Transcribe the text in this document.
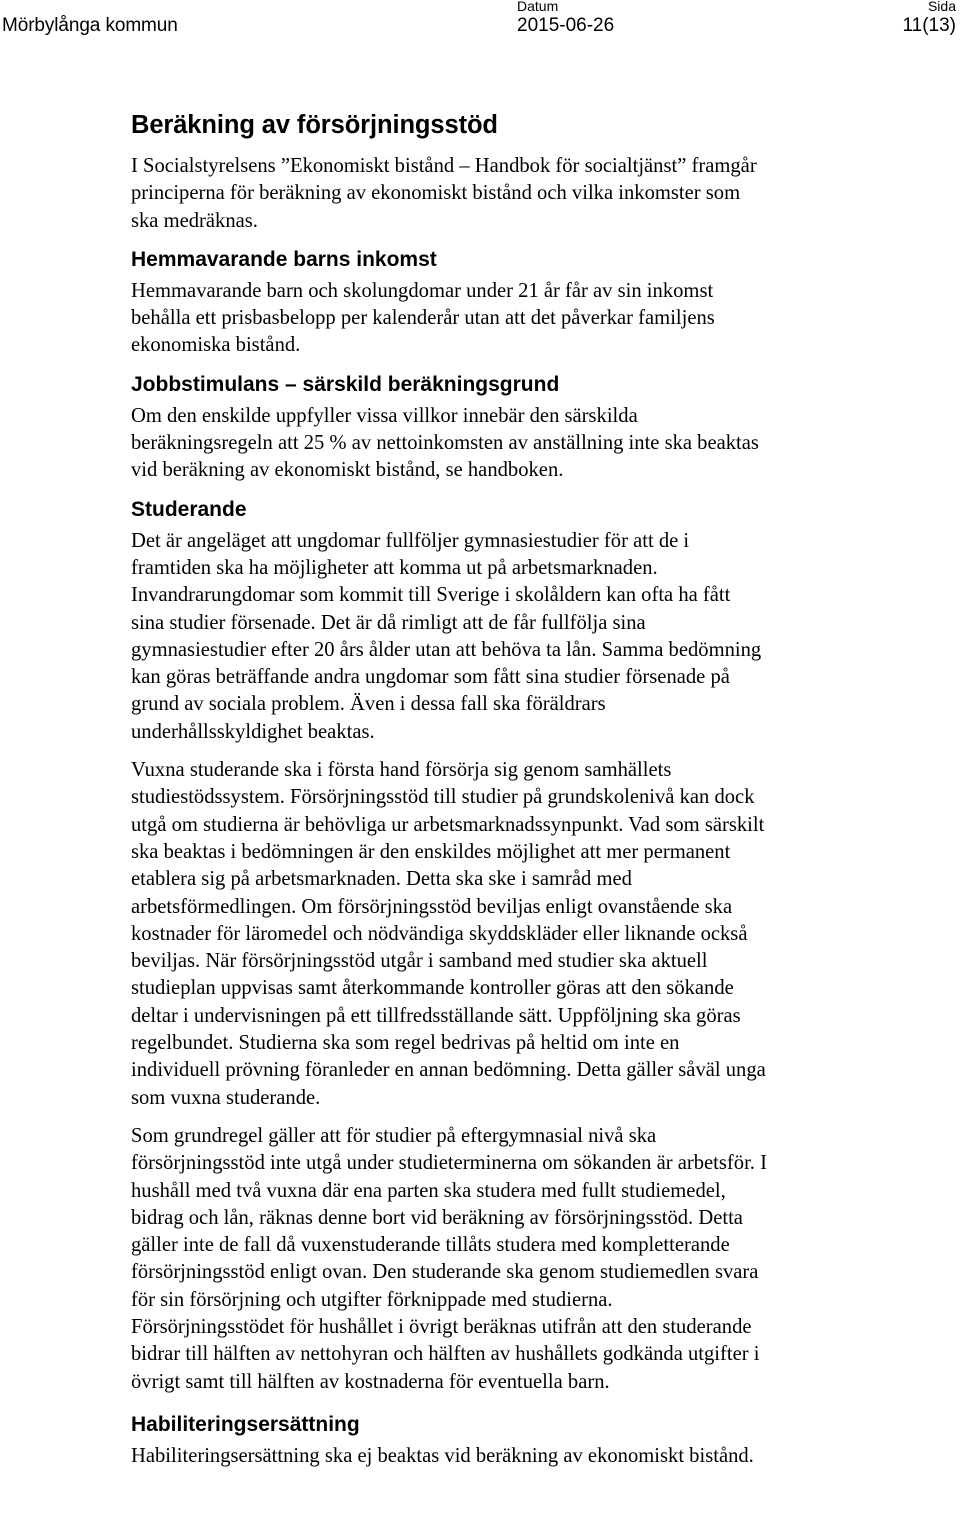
Mörbylånga kommun
Datum
2015-06-26
Sida
11(13)
Beräkning av försörjningsstöd

I Socialstyrelsens ”Ekonomiskt bistånd – Handbok för socialtjänst” framgår
principerna för beräkning av ekonomiskt bistånd och vilka inkomster som
ska medräknas.

Hemmavarande barns inkomst

Hemmavarande barn och skolungdomar under 21 år får av sin inkomst
behålla ett prisbasbelopp per kalenderår utan att det påverkar familjens
ekonomiska bistånd.

Jobbstimulans – särskild beräkningsgrund

Om den enskilde uppfyller vissa villkor innebär den särskilda
beräkningsregeln att 25 % av nettoinkomsten av anställning inte ska beaktas
vid beräkning av ekonomiskt bistånd, se handboken.

Studerande

Det är angeläget att ungdomar fullföljer gymnasiestudier för att de i
framtiden ska ha möjligheter att komma ut på arbetsmarknaden.
Invandrarungdomar som kommit till Sverige i skolåldern kan ofta ha fått
sina studier försenade. Det är då rimligt att de får fullfölja sina
gymnasiestudier efter 20 års ålder utan att behöva ta lån. Samma bedömning
kan göras beträffande andra ungdomar som fått sina studier försenade på
grund av sociala problem. Även i dessa fall ska föräldrars
underhållsskyldighet beaktas.

Vuxna studerande ska i första hand försörja sig genom samhällets
studiestödssystem. Försörjningsstöd till studier på grundskolenivå kan dock
utgå om studierna är behövliga ur arbetsmarknadssynpunkt. Vad som särskilt
ska beaktas i bedömningen är den enskildes möjlighet att mer permanent
etablera sig på arbetsmarknaden. Detta ska ske i samråd med
arbetsförmedlingen. Om försörjningsstöd beviljas enligt ovanstående ska
kostnader för läromedel och nödvändiga skyddskläder eller liknande också
beviljas. När försörjningsstöd utgår i samband med studier ska aktuell
studieplan uppvisas samt återkommande kontroller göras att den sökande
deltar i undervisningen på ett tillfredsställande sätt. Uppföljning ska göras
regelbundet. Studierna ska som regel bedrivas på heltid om inte en
individuell prövning föranleder en annan bedömning. Detta gäller såväl unga
som vuxna studerande.

Som grundregel gäller att för studier på eftergymnasial nivå ska
försörjningsstöd inte utgå under studieterminerna om sökanden är arbetsför. I
hushåll med två vuxna där ena parten ska studera med fullt studiemedel,
bidrag och lån, räknas denne bort vid beräkning av försörjningsstöd. Detta
gäller inte de fall då vuxenstuderande tillåts studera med kompletterande
försörjningsstöd enligt ovan. Den studerande ska genom studiemedlen svara
för sin försörjning och utgifter förknippade med studierna.
Försörjningsstödet för hushållet i övrigt beräknas utifrån att den studerande
bidrar till hälften av nettohyran och hälften av hushållets godkända utgifter i
övrigt samt till hälften av kostnaderna för eventuella barn.

Habiliteringsersättning

Habiliteringsersättning ska ej beaktas vid beräkning av ekonomiskt bistånd.
